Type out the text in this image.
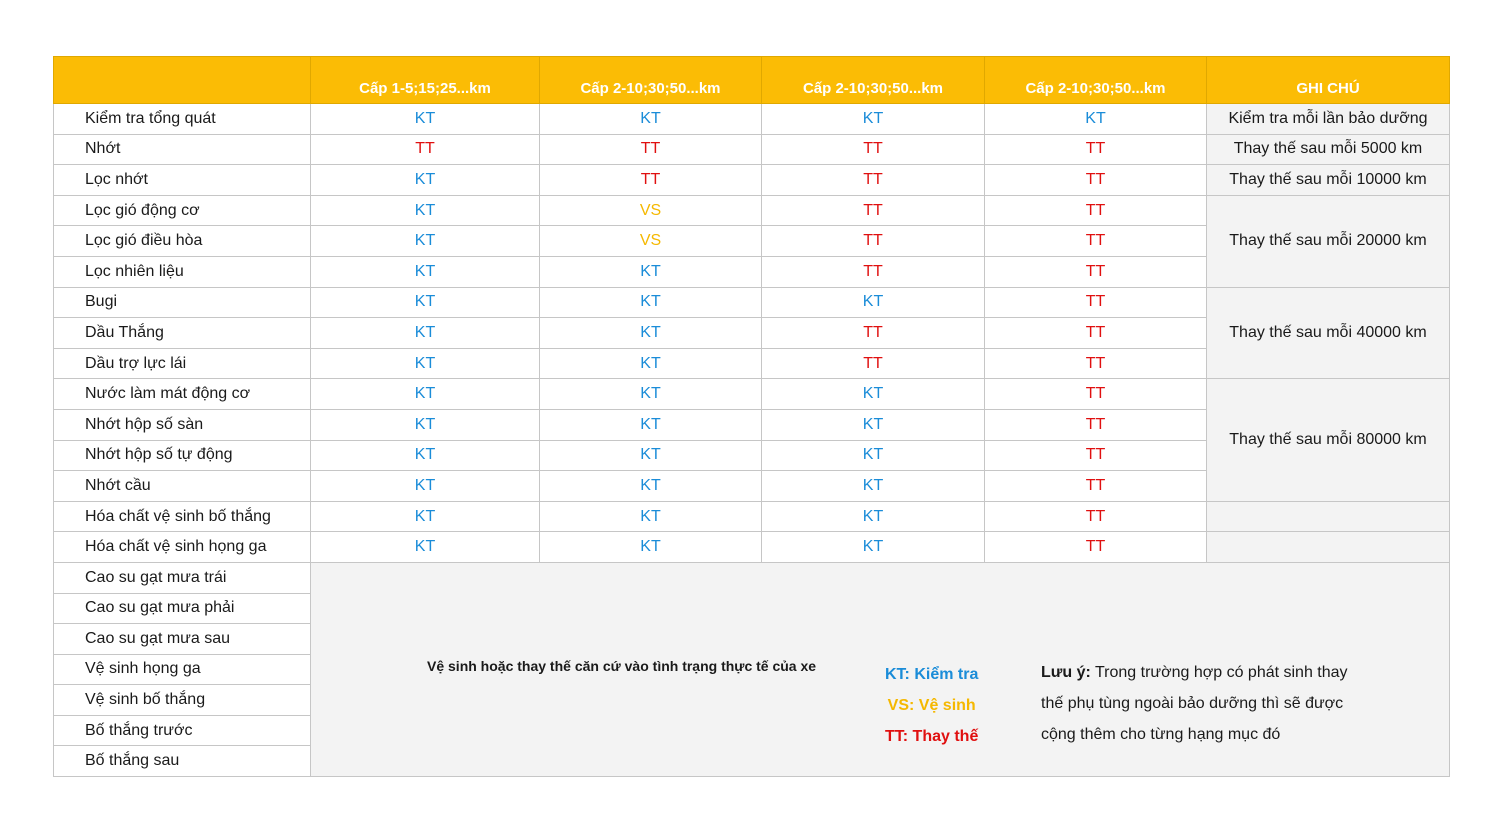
	Cấp 1-5;15;25...km	Cấp 2-10;30;50...km	Cấp 2-10;30;50...km	Cấp 2-10;30;50...km	GHI CHÚ
Kiểm tra tổng quát	KT	KT	KT	KT	Kiểm tra mỗi lần bảo dưỡng
Nhớt	TT	TT	TT	TT	Thay thế sau mỗi 5000 km
Lọc nhớt	KT	TT	TT	TT	Thay thế sau mỗi 10000 km
Lọc gió động cơ	KT	VS	TT	TT	Thay thế sau mỗi 20000 km
Lọc gió điều hòa	KT	VS	TT	TT	
Lọc nhiên liệu	KT	KT	TT	TT	
Bugi	KT	KT	KT	TT	Thay thế sau mỗi 40000 km
Dầu Thắng	KT	KT	TT	TT	
Dầu trợ lực lái	KT	KT	TT	TT	
Nước làm mát động cơ	KT	KT	KT	TT	Thay thế sau mỗi 80000 km
Nhớt hộp số sàn	KT	KT	KT	TT	
Nhớt hộp số tự động	KT	KT	KT	TT	
Nhớt cầu	KT	KT	KT	TT	
Hóa chất vệ sinh bố thắng	KT	KT	KT	TT	
Hóa chất vệ sinh họng ga	KT	KT	KT	TT	
Cao su gạt mưa trái	Vệ sinh hoặc thay thế căn cứ vào tình trạng thực tế của xe KT: Kiểm tra
VS: Vệ sinh
TT: Thay thế
Lưu ý: Trong trường hợp có phát sinh thay thế phụ tùng ngoài bảo dưỡng thì sẽ được cộng thêm cho từng hạng mục đó				

Cao su gạt mưa phải					
Cao su gạt mưa sau					
Vệ sinh họng ga					
Vệ sinh bố thắng					
Bố thắng trước					
Bố thắng sau					
